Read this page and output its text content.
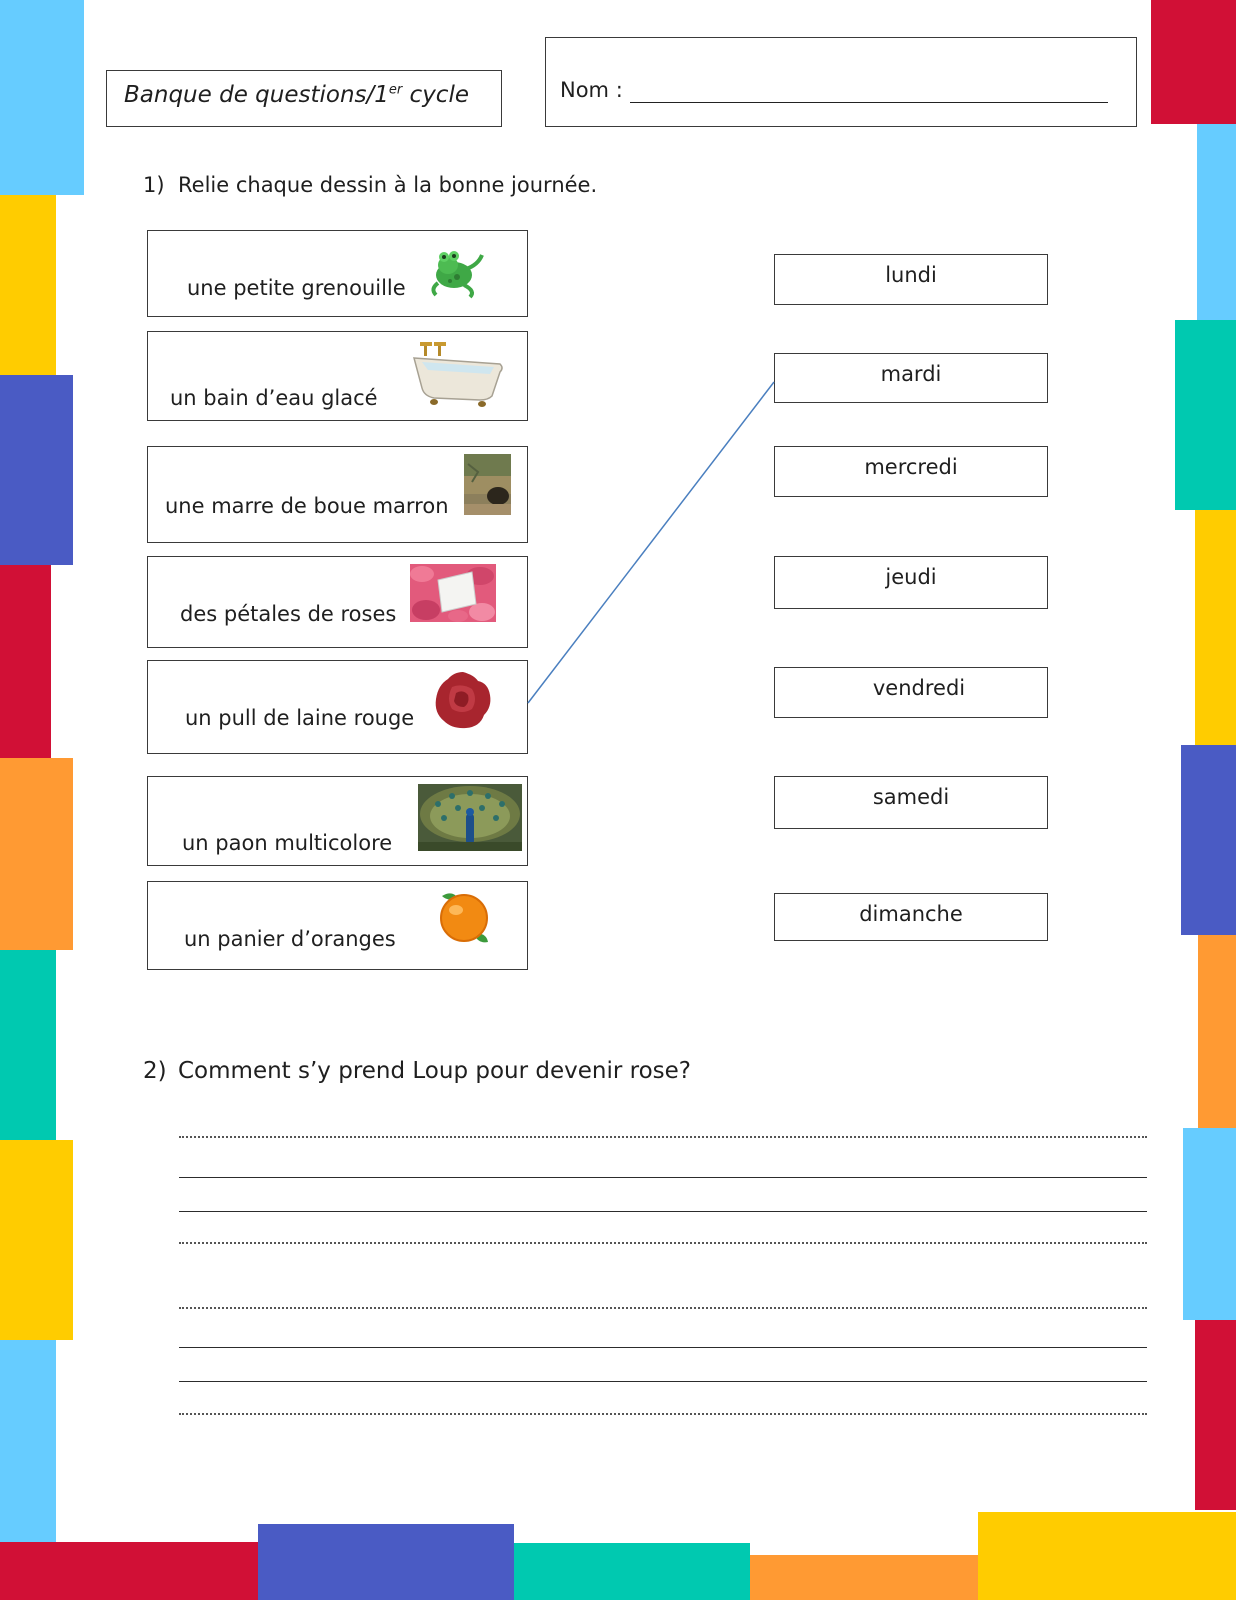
Banque de questions/1er cycle	Nom :
1) Relie chaque dessin à la bonne journée.
une petite grenouille
un bain d’eau glacé
une marre de boue marron
des pétales de roses
un pull de laine rouge
un paon multicolore
un panier d’oranges
lundi
mardi
mercredi
jeudi
vendredi
samedi
dimanche
2) Comment s’y prend Loup pour devenir rose?
